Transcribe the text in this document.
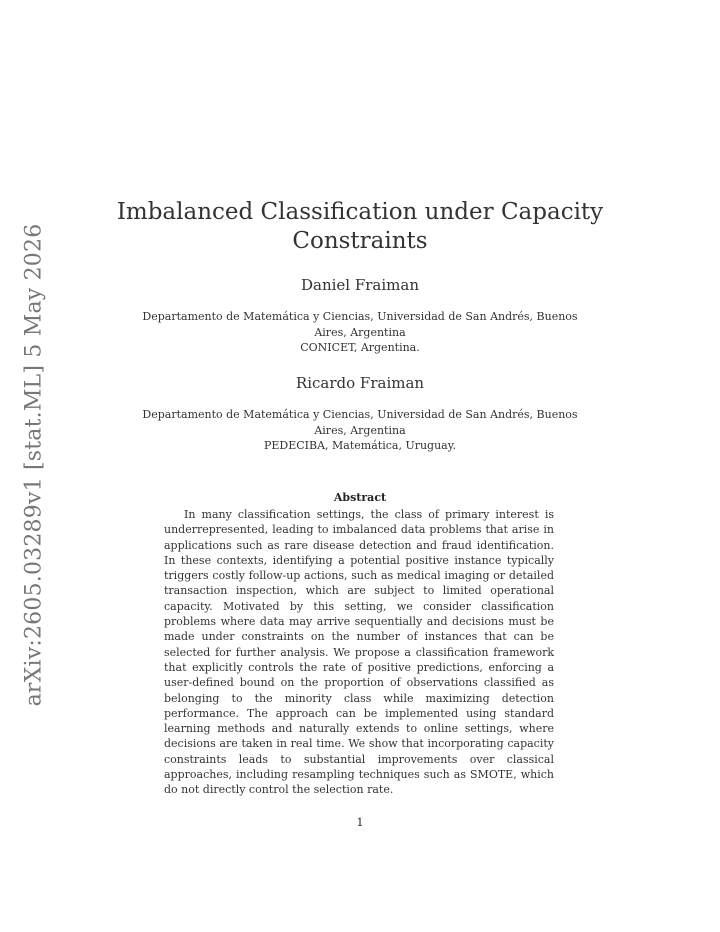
arXiv:2605.03289v1 [stat.ML] 5 May 2026
Imbalanced Classification under Capacity
Constraints
Daniel Fraiman
Departamento de Matemática y Ciencias, Universidad de San Andrés, Buenos
Aires, Argentina
CONICET, Argentina.
Ricardo Fraiman
Departamento de Matemática y Ciencias, Universidad de San Andrés, Buenos
Aires, Argentina
PEDECIBA, Matemática, Uruguay.
Abstract

In many classification settings, the class of primary interest is underrepresented, leading to imbalanced data problems that arise in applications such as rare disease detection and fraud identification. In these contexts, identifying a potential positive instance typically triggers costly follow-up actions, such as medical imaging or detailed transaction inspection, which are subject to limited operational capacity. Motivated by this setting, we consider classification problems where data may arrive sequentially and decisions must be made under constraints on the number of instances that can be selected for further analysis. We propose a classification framework that explicitly controls the rate of positive predictions, enforcing a user-defined bound on the proportion of observations classified as belonging to the minority class while maximizing detection performance. The approach can be implemented using standard learning methods and naturally extends to online settings, where decisions are taken in real time. We show that incorporating capacity constraints leads to substantial improvements over classical approaches, including resampling techniques such as SMOTE, which do not directly control the selection rate.

1
